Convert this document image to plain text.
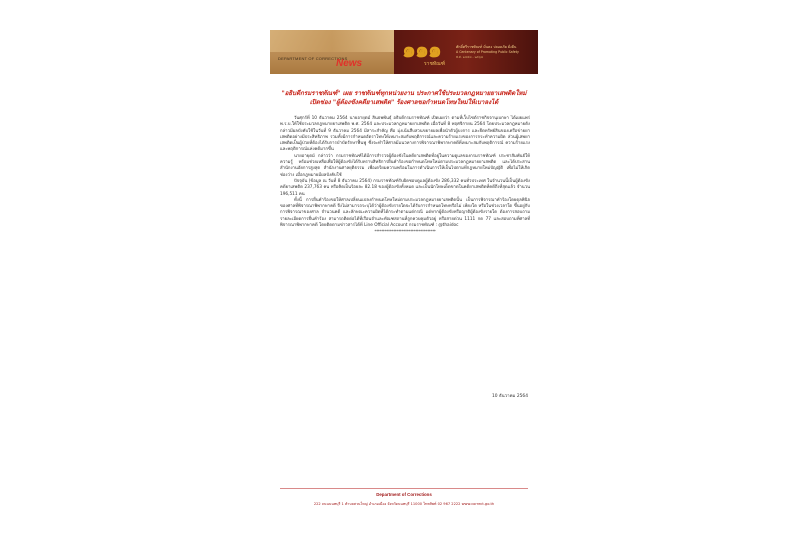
DEPARTMENT OF CORRECTIONS
News
๑๑๑
ราชทัณฑ์
ศักดิ์ศรีราชทัณฑ์ มั่นคง ปลอดภัย ยั่งยืน
A Centenary of Promoting Public Safety
พ.ศ. ๒๔๕๘ - ๒๕๖๘
"อธิบดีกรมราชทัณฑ์" เผย ราชทัณฑ์ทุกหน่วยงาน ประกาศใช้ประมวลกฎหมายยาเสพติดใหม่
เปิดช่อง "ผู้ต้องขังคดียาเสพติด" ร้องศาลขอกำหนดโทษใหม่ให้เบาลงได้

วันศุกร์ที่ 10 ธันวาคม 2564 นายอายุตม์ สินธพพันธุ์ อธิบดีกรมราชทัณฑ์ เปิดเผยว่า ตามที่เว็บไซต์ราชกิจจานุเบกษา ได้เผยแพร่ พ.ร.บ.ให้ใช้ประมวลกฎหมายยาเสพติด พ.ศ. 2564 และประมวลกฎหมายยาเสพติด เมื่อวันที่ 8 พฤศจิกายน 2564 โดยประมวลกฎหมายดังกล่าวมีผลบังคับใช้ในวันที่ 9 ธันวาคม 2564 มีสาระสำคัญ คือ มุ่งเน้นสืบสวนขยายผลเพื่อนำตัวผู้บงการ และยึดทรัพย์สินของเครือข่ายยาเสพติดอย่างมีประสิทธิภาพ รวมทั้งมีการกำหนดอัตราโทษให้เหมาะสมกับพฤติการณ์และความร้ายแรงของการกระทำความผิด ส่วนผู้เสพยาเสพติดเป็นผู้ป่วยที่ต้องได้รับการบำบัดรักษาฟื้นฟู ซึ่งจะทำให้ศาลมีแนวทางการพิจารณาพิพากษาคดีที่เหมาะสมกับพฤติการณ์ ความร้ายแรง และพฤติการณ์แห่งคดีมากขึ้น

นายอายุตม์ กล่าวว่า กรมราชทัณฑ์ได้มีการสำรวจผู้ต้องขังในคดียาเสพติดที่อยู่ในความดูแลของกรมราชทัณฑ์ ประชาสัมพันธ์ให้ความรู้ พร้อมช่วยเหลือเพื่อให้ผู้ต้องขังได้รับทราบสิทธิการยื่นคำร้องขอกำหนดโทษใหม่ตามประมวลกฎหมายยาเสพติด และได้ประสานสำนักงานอัยการสูงสุด สำนักงานศาลยุติธรรม เพื่อเตรียมความพร้อมในการดำเนินการให้เป็นไปตามที่กฎหมายใหม่บัญญัติ เพื่อไม่ให้เกิดช่องว่าง เมื่อกฎหมายมีผลบังคับใช้

ปัจจุบัน (ข้อมูล ณ วันที่ 8 ธันวาคม 2564) กรมราชทัณฑ์รับผิดชอบดูแลผู้ต้องขัง 286,332 คนทั่วประเทศ ในจำนวนนี้เป็นผู้ต้องขังคดียาเสพติด 237,763 คน หรือคิดเป็นร้อยละ 82.18 ของผู้ต้องขังทั้งหมด และเป็นนักโทษเด็ดขาดในคดียาเสพติดที่คดีถึงที่สุดแล้ว จำนวน 196,511 คน

ทั้งนี้ การยื่นคำร้องขอให้ศาลเปลี่ยนแปลงกำหนดโทษใหม่ตามประมวลกฎหมายยาเสพติดนั้น เป็นการพิจารณาคำร้องโดยดุลพินิจของศาลที่พิจารณาพิพากษาคดี จึงไม่สามารถระบุได้ว่าผู้ต้องขังรายใดจะได้รับการกำหนดโทษหรือไม่ เพียงใด หรือในช่วงเวลาใด ขึ้นอยู่กับการพิจารณาของศาล จำนวนคดี และลักษณะความผิดที่ได้กระทำตามแต่กรณี แต่หากผู้ต้องขังหรือญาติผู้ต้องขังรายใด ต้องการสอบถามรายละเอียดการยื่นคำร้อง สามารถติดต่อได้ที่เรือนจำและทัณฑสถานที่ถูกควบคุมตัวอยู่ หรือสายด่วน 1111 กด 77 และสอบถามที่ศาลที่พิจารณาพิพากษาคดี โดยติดตามข่าวสารได้ที่ Line Official Account กรมราชทัณฑ์ : @thaidoc

************************************
10 ธันวาคม 2564
Department of Corrections
222 ถนนนนทบุรี 1 ตำบลสวนใหญ่ อำเภอเมือง จังหวัดนนทบุรี 11000 โทรศัพท์ 02 967 2222 www.correct.go.th
